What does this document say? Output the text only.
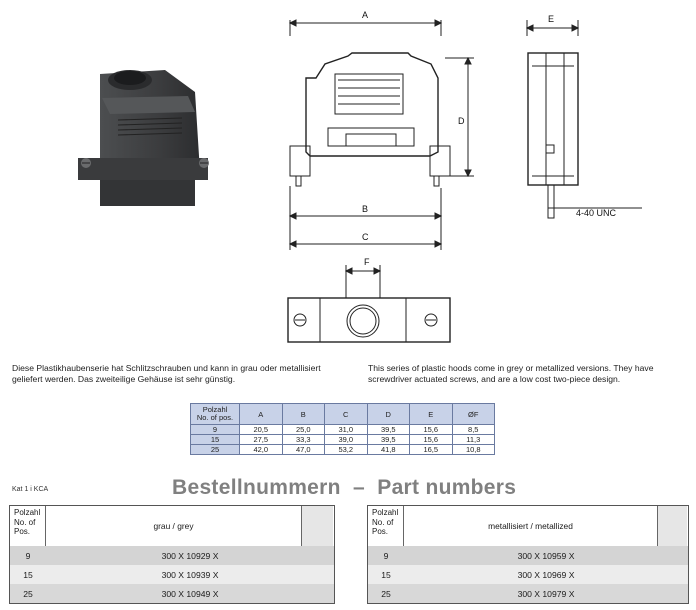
A
D
B
C
E
4-40 UNC
F
Diese Plastikhaubenserie hat Schlitzschrauben und kann in grau oder metallisiert geliefert werden. Das zweiteilige Gehäuse ist sehr günstig.
This series of plastic hoods come in grey or metallized versions. They have screwdriver actuated screws, and are a low cost two-piece design.
Polzahl
No. of pos.	A	B	C	D	E	ØF
9	20,5	25,0	31,0	39,5	15,6	8,5
15	27,5	33,3	39,0	39,5	15,6	11,3
25	42,0	47,0	53,2	41,8	16,5	10,8
Kat 1 i KCA	Bestellnummern  –  Part numbers
Polzahl
No. of
Pos.
grau / grey
9	300 X 10929 X
15	300 X 10939 X
25	300 X 10949 X
Polzahl
No. of
Pos.
metallisiert / metallized
9	300 X 10959 X
15	300 X 10969 X
25	300 X 10979 X
